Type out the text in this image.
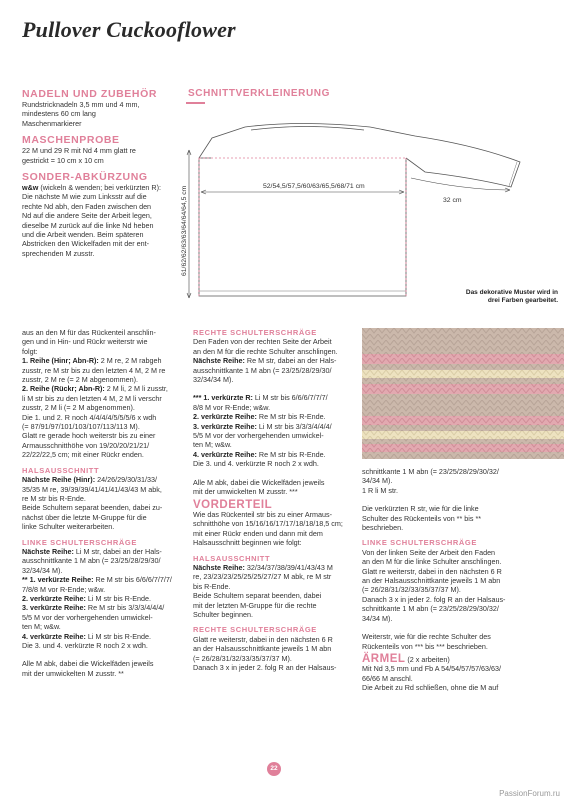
Pullover Cuckooflower
NADELN UND ZUBEHÖR
Rundstricknadeln 3,5 mm und 4 mm,
mindestens 60 cm lang
Maschenmarkierer
MASCHENPROBE
22 M und 29 R mit Nd 4 mm glatt re
gestrickt = 10 cm x 10 cm
SONDER-ABKÜRZUNG
w&w (wickeln & wenden; bei verkürzten R):
Die nächste M wie zum Linksstr auf die
rechte Nd abh, den Faden zwischen den
Nd auf die andere Seite der Arbeit legen,
dieselbe M zurück auf die linke Nd heben
und die Arbeit wenden. Beim späteren
Abstricken den Wickelfaden mit der ent-
sprechenden M zusstr.
SCHNITTVERKLEINERUNG
52/54,5/57,5/60/63/65,5/68/71 cm
32 cm
61/62/62/63/63/64/64/64,5 cm
Das dekorative Muster wird in
drei Farben gearbeitet.

aus an den M für das Rückenteil anschlin-

gen und in Hin- und Rückr weiterstr wie

folgt:

1. Reihe (Hinr; Abn-R): 2 M re, 2 M rabgeh

zusstr, re M str bis zu den letzten 4 M, 2 M re

zusstr, 2 M re (= 2 M abgenommen).

2. Reihe (Rückr; Abn-R): 2 M li, 2 M li zusstr,

li M str bis zu den letzten 4 M, 2 M li verschr

zusstr, 2 M li (= 2 M abgenommen).

Die 1. und 2. R noch 4/4/4/4/5/5/5/6 x wdh

(= 87/91/97/101/103/107/113/113 M).

Glatt re gerade hoch weiterstr bis zu einer

Armausschnitthöhe von 19/20/20/21/21/

22/22/22,5 cm; mit einer Rückr enden.

HALSAUSSCHNITT

Nächste Reihe (Hinr): 24/26/29/30/31/33/

35/35 M re, 39/39/39/41/41/41/43/43 M abk,

re M str bis R-Ende.

Beide Schultern separat beenden, dabei zu-

nächst über die letzte M-Gruppe für die

linke Schulter weiterarbeiten.

LINKE SCHULTERSCHRÄGE

Nächste Reihe: Li M str, dabei an der Hals-

ausschnittkante 1 M abn (= 23/25/28/29/30/

32/34/34 M).

** 1. verkürzte Reihe: Re M str bis 6/6/6/7/7/7/

7/8/8 M vor R-Ende; w&w.

2. verkürzte Reihe: Li M str bis R-Ende.

3. verkürzte Reihe: Re M str bis 3/3/3/4/4/4/

5/5 M vor der vorhergehenden umwickel-

ten M; w&w.

4. verkürzte Reihe: Li M str bis R-Ende.

Die 3. und 4. verkürzte R noch 2 x wdh.

Alle M abk, dabei die Wickelfäden jeweils

mit der umwickelten M zusstr. **

RECHTE SCHULTERSCHRÄGE

Den Faden von der rechten Seite der Arbeit

an den M für die rechte Schulter anschlingen.

Nächste Reihe: Re M str, dabei an der Hals-

ausschnittkante 1 M abn (= 23/25/28/29/30/

32/34/34 M).

*** 1. verkürzte R: Li M str bis 6/6/6/7/7/7/

8/8 M vor R-Ende; w&w.

2. verkürzte Reihe: Re M str bis R-Ende.

3. verkürzte Reihe: Li M str bis 3/3/3/4/4/4/

5/5 M vor der vorhergehenden umwickel-

ten M; w&w.

4. verkürzte Reihe: Re M str bis R-Ende.

Die 3. und 4. verkürzte R noch 2 x wdh.

Alle M abk, dabei die Wickelfäden jeweils

mit der umwickelten M zusstr. ***

VORDERTEIL

Wie das Rückenteil str bis zu einer Armaus-

schnitthöhe von 15/16/16/17/17/18/18/18,5 cm;

mit einer Rückr enden und dann mit dem

Halsausschnitt beginnen wie folgt:

HALSAUSSCHNITT

Nächste Reihe: 32/34/37/38/39/41/43/43 M

re, 23/23/23/25/25/25/27/27 M abk, re M str

bis R-Ende.

Beide Schultern separat beenden, dabei

mit der letzten M-Gruppe für die rechte

Schulter beginnen.

RECHTE SCHULTERSCHRÄGE

Glatt re weiterstr, dabei in den nächsten 6 R

an der Halsausschnittkante jeweils 1 M abn

(= 26/28/31/32/33/35/37/37 M).

Danach 3 x in jeder 2. folg R an der Halsaus-

schnittkante 1 M abn (= 23/25/28/29/30/32/

34/34 M).

1 R li M str.

Die verkürzten R str, wie für die linke

Schulter des Rückenteils von ** bis **

beschrieben.

LINKE SCHULTERSCHRÄGE

Von der linken Seite der Arbeit den Faden

an den M für die linke Schulter anschlingen.

Glatt re weiterstr, dabei in den nächsten 6 R

an der Halsausschnittkante jeweils 1 M abn

(= 26/28/31/32/33/35/37/37 M).

Danach 3 x in jeder 2. folg R an der Halsaus-

schnittkante 1 M abn (= 23/25/28/29/30/32/

34/34 M).

Weiterstr, wie für die rechte Schulter des

Rückenteils von *** bis *** beschrieben.

ÄRMEL (2 x arbeiten)

Mit Nd 3,5 mm und Fb A 54/54/57/57/63/63/

66/66 M anschl.

Die Arbeit zu Rd schließen, ohne die M auf

22
PassionForum.ru
